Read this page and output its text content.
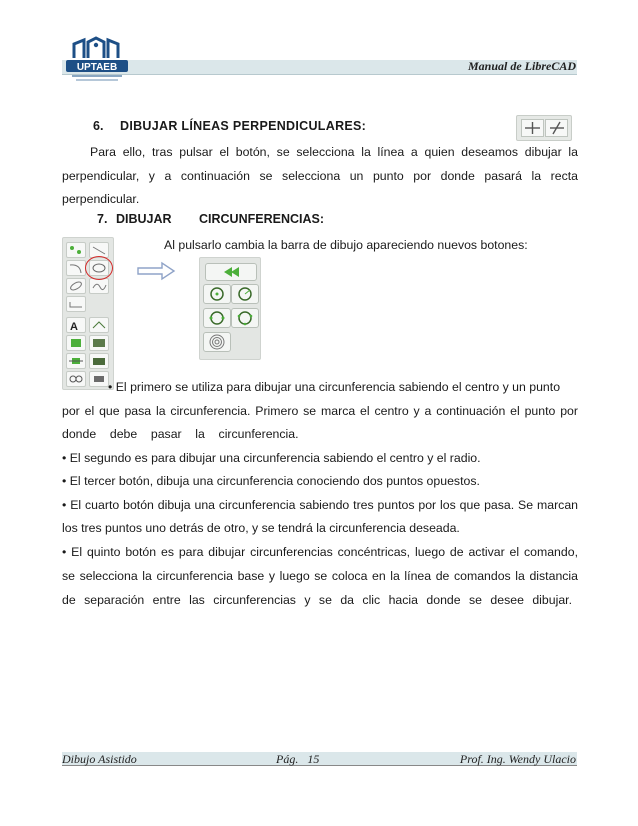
UPTAEB	Manual de LibreCAD
6. DIBUJAR LÍNEAS PERPENDICULARES:
Para ello, tras pulsar el botón, se selecciona la línea a quien deseamos dibujar la
perpendicular, y a continuación se selecciona un punto por donde pasará la recta
perpendicular.
7. DIBUJAR CIRCUNFERENCIAS:
Al pulsarlo cambia la barra de dibujo apareciendo nuevos botones:
A
• El primero se utiliza para dibujar una circunferencia sabiendo el centro y un punto
por el que pasa la circunferencia. Primero se marca el centro y a continuación el punto por
donde    debe    pasar    la    circunferencia.
• El segundo es para dibujar una circunferencia sabiendo el centro y el radio.
• El tercer botón, dibuja una circunferencia conociendo dos puntos opuestos.
• El cuarto botón dibuja una circunferencia sabiendo tres puntos por los que pasa. Se marcan
los tres puntos uno detrás de otro, y se tendrá la circunferencia deseada.
• El quinto botón es para dibujar circunferencias concéntricas, luego de activar el comando,
se selecciona la circunferencia base y luego se coloca en la línea de comandos la distancia
de separación entre las circunferencias y se da clic hacia donde se desee dibujar.
Dibujo Asistido	Pág.   15	Prof. Ing. Wendy Ulacio
